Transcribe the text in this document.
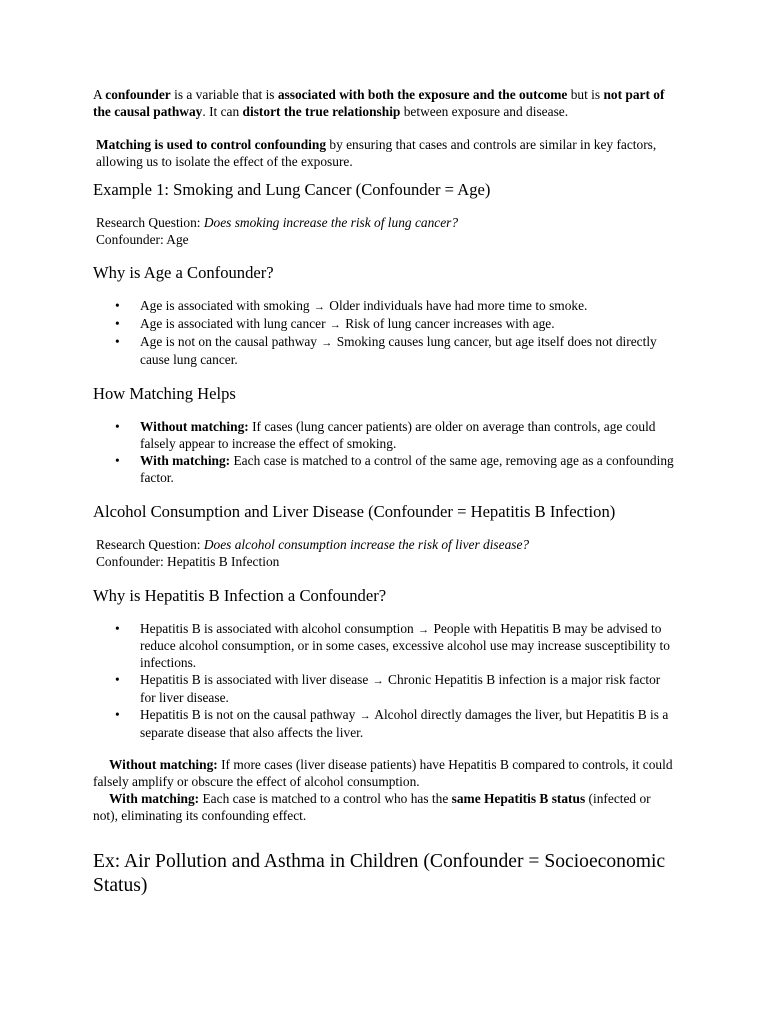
A confounder is a variable that is associated with both the exposure and the outcome but is not part of the causal pathway. It can distort the true relationship between exposure and disease.

Matching is used to control confounding by ensuring that cases and controls are similar in key factors, allowing us to isolate the effect of the exposure.

Example 1: Smoking and Lung Cancer (Confounder = Age)
Research Question: Does smoking increase the risk of lung cancer?
Confounder: Age
Why is Age a Confounder?
• Age is associated with smoking → Older individuals have had more time to smoke.
• Age is associated with lung cancer → Risk of lung cancer increases with age.
• Age is not on the causal pathway → Smoking causes lung cancer, but age itself does not directly cause lung cancer.
How Matching Helps
• Without matching: If cases (lung cancer patients) are older on average than controls, age could falsely appear to increase the effect of smoking.
• With matching: Each case is matched to a control of the same age, removing age as a confounding factor.
Alcohol Consumption and Liver Disease (Confounder = Hepatitis B Infection)
Research Question: Does alcohol consumption increase the risk of liver disease?
Confounder: Hepatitis B Infection
Why is Hepatitis B Infection a Confounder?
• Hepatitis B is associated with alcohol consumption → People with Hepatitis B may be advised to reduce alcohol consumption, or in some cases, excessive alcohol use may increase susceptibility to infections.
• Hepatitis B is associated with liver disease → Chronic Hepatitis B infection is a major risk factor for liver disease.
• Hepatitis B is not on the causal pathway → Alcohol directly damages the liver, but Hepatitis B is a separate disease that also affects the liver.

Without matching: If more cases (liver disease patients) have Hepatitis B compared to controls, it could falsely amplify or obscure the effect of alcohol consumption.

With matching: Each case is matched to a control who has the same Hepatitis B status (infected or not), eliminating its confounding effect.

Ex: Air Pollution and Asthma in Children (Confounder = Socioeconomic Status)
